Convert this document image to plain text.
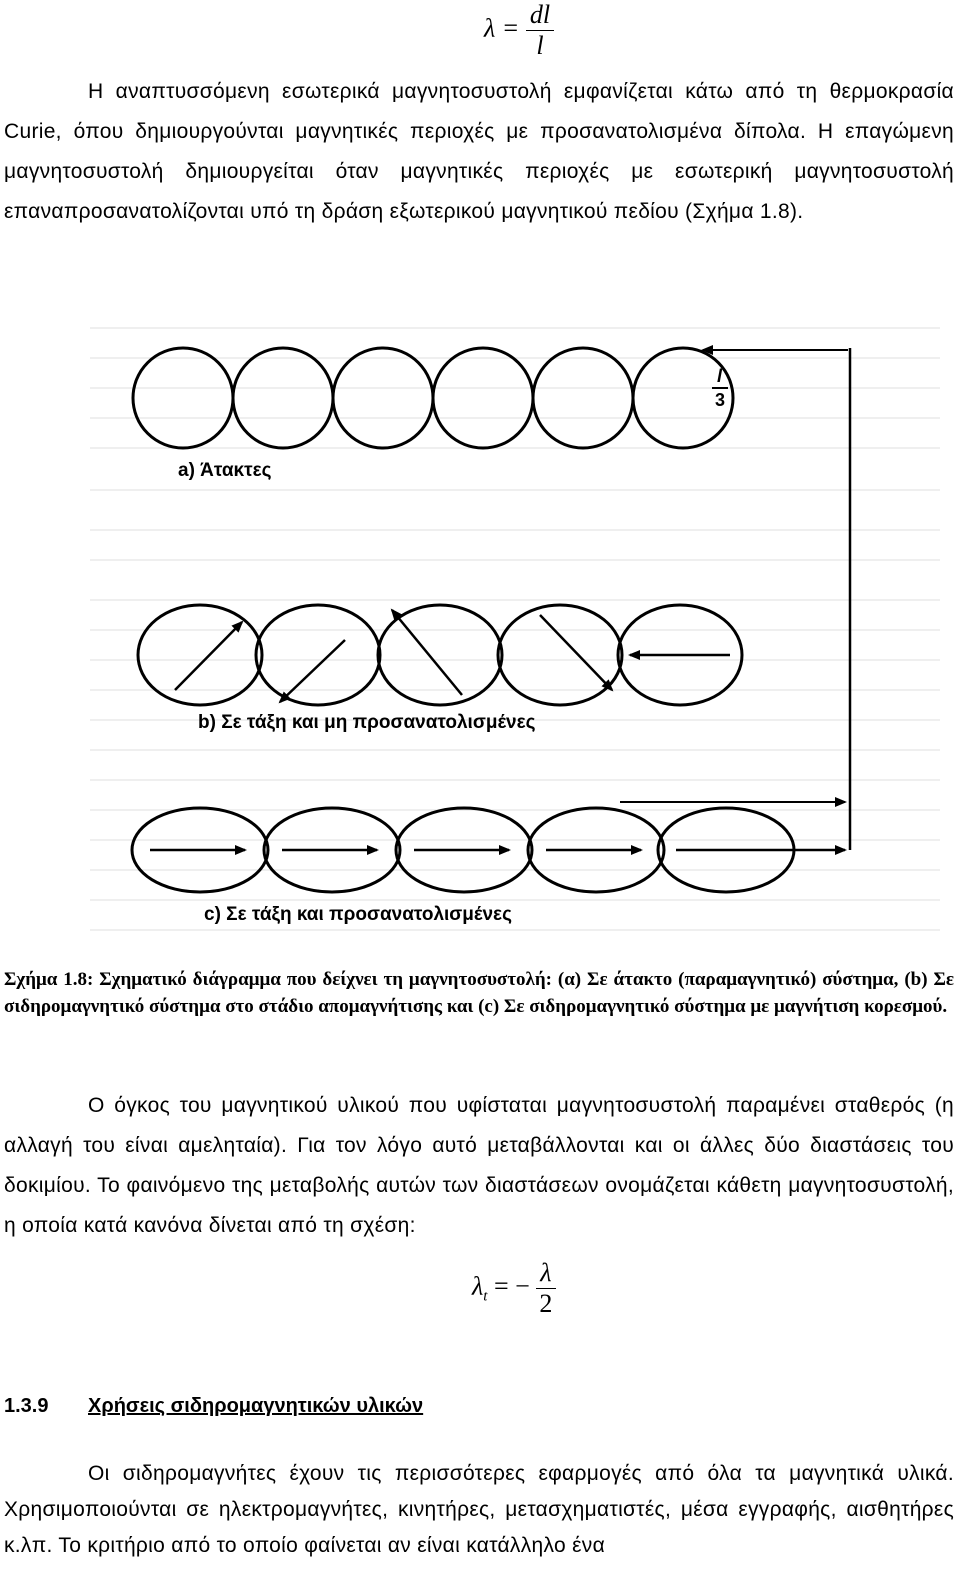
$\lambda = \frac{dl}{l}$
Η αναπτυσσόμενη εσωτερικά μαγνητοσυστολή εμφανίζεται κάτω από τη θερμοκρασία Curie, όπου δημιουργούνται μαγνητικές περιοχές με προσανατολισμένα δίπολα. Η επαγώμενη μαγνητοσυστολή δημιουργείται όταν μαγνητικές περιοχές με εσωτερική μαγνητοσυστολή επαναπροσανατολίζονται υπό τη δράση εξωτερικού μαγνητικού πεδίου (Σχήμα 1.8).
a) Άτακτες
l
3
b) Σε τάξη και μη προσανατολισμένες
c) Σε τάξη και προσανατολισμένες
Σχήμα 1.8: Σχηματικό διάγραμμα που δείχνει τη μαγνητοσυστολή: (α) Σε άτακτο (παραμαγνητικό) σύστημα, (b) Σε σιδηρομαγνητικό σύστημα στο στάδιο απομαγνήτισης και (c) Σε σιδηρομαγνητικό σύστημα με μαγνήτιση κορεσμού.
Ο όγκος του μαγνητικού υλικού που υφίσταται μαγνητοσυστολή παραμένει σταθερός (η αλλαγή του είναι αμεληταία). Για τον λόγο αυτό μεταβάλλονται και οι άλλες δύο διαστάσεις του δοκιμίου. Το φαινόμενο της μεταβολής αυτών των διαστάσεων ονομάζεται κάθετη μαγνητοσυστολή, η οποία κατά κανόνα δίνεται από τη σχέση:
$\lambda_t$ = − $\frac{\lambda}{2}$
1.3.9 Χρήσεις σιδηρομαγνητικών υλικών
Οι σιδηρομαγνήτες έχουν τις περισσότερες εφαρμογές από όλα τα μαγνητικά υλικά. Χρησιμοποιούνται σε ηλεκτρομαγνήτες, κινητήρες, μετασχηματιστές, μέσα εγγραφής, αισθητήρες κ.λπ. Το κριτήριο από το οποίο φαίνεται αν είναι κατάλληλο ένα
